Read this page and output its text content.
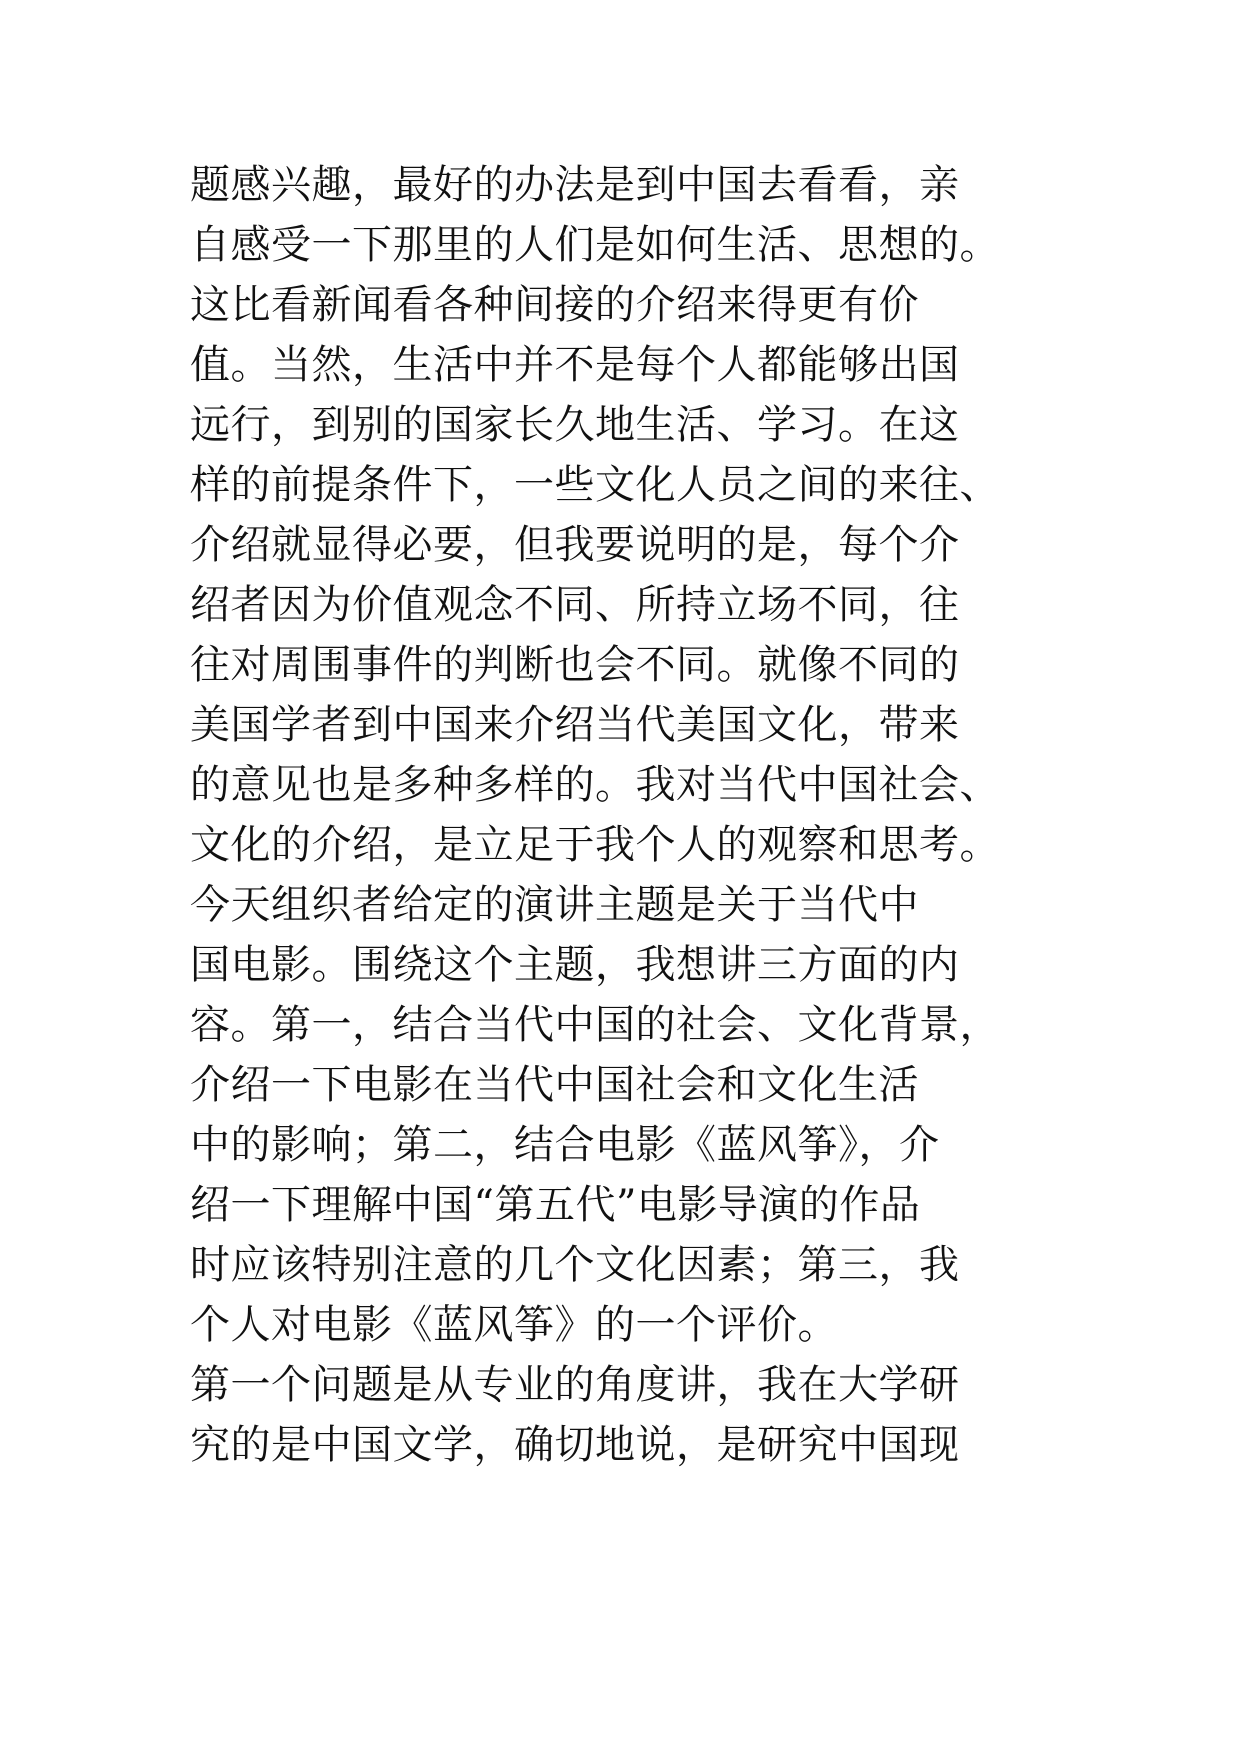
题感兴趣，最好的办法是到中国去看看，亲
自感受一下那里的人们是如何生活、思想的。
这比看新闻看各种间接的介绍来得更有价
值。当然，生活中并不是每个人都能够出国
远行，到别的国家长久地生活、学习。在这
样的前提条件下，一些文化人员之间的来往、
介绍就显得必要，但我要说明的是，每个介
绍者因为价值观念不同、所持立场不同，往
往对周围事件的判断也会不同。就像不同的
美国学者到中国来介绍当代美国文化，带来
的意见也是多种多样的。我对当代中国社会、
文化的介绍，是立足于我个人的观察和思考。
今天组织者给定的演讲主题是关于当代中
国电影。围绕这个主题，我想讲三方面的内
容。第一，结合当代中国的社会、文化背景，
介绍一下电影在当代中国社会和文化生活
中的影响；第二，结合电影《蓝风筝》，介
绍一下理解中国“第五代”电影导演的作品
时应该特别注意的几个文化因素；第三，我
个人对电影《蓝风筝》的一个评价。
第一个问题是从专业的角度讲，我在大学研
究的是中国文学，确切地说，是研究中国现
